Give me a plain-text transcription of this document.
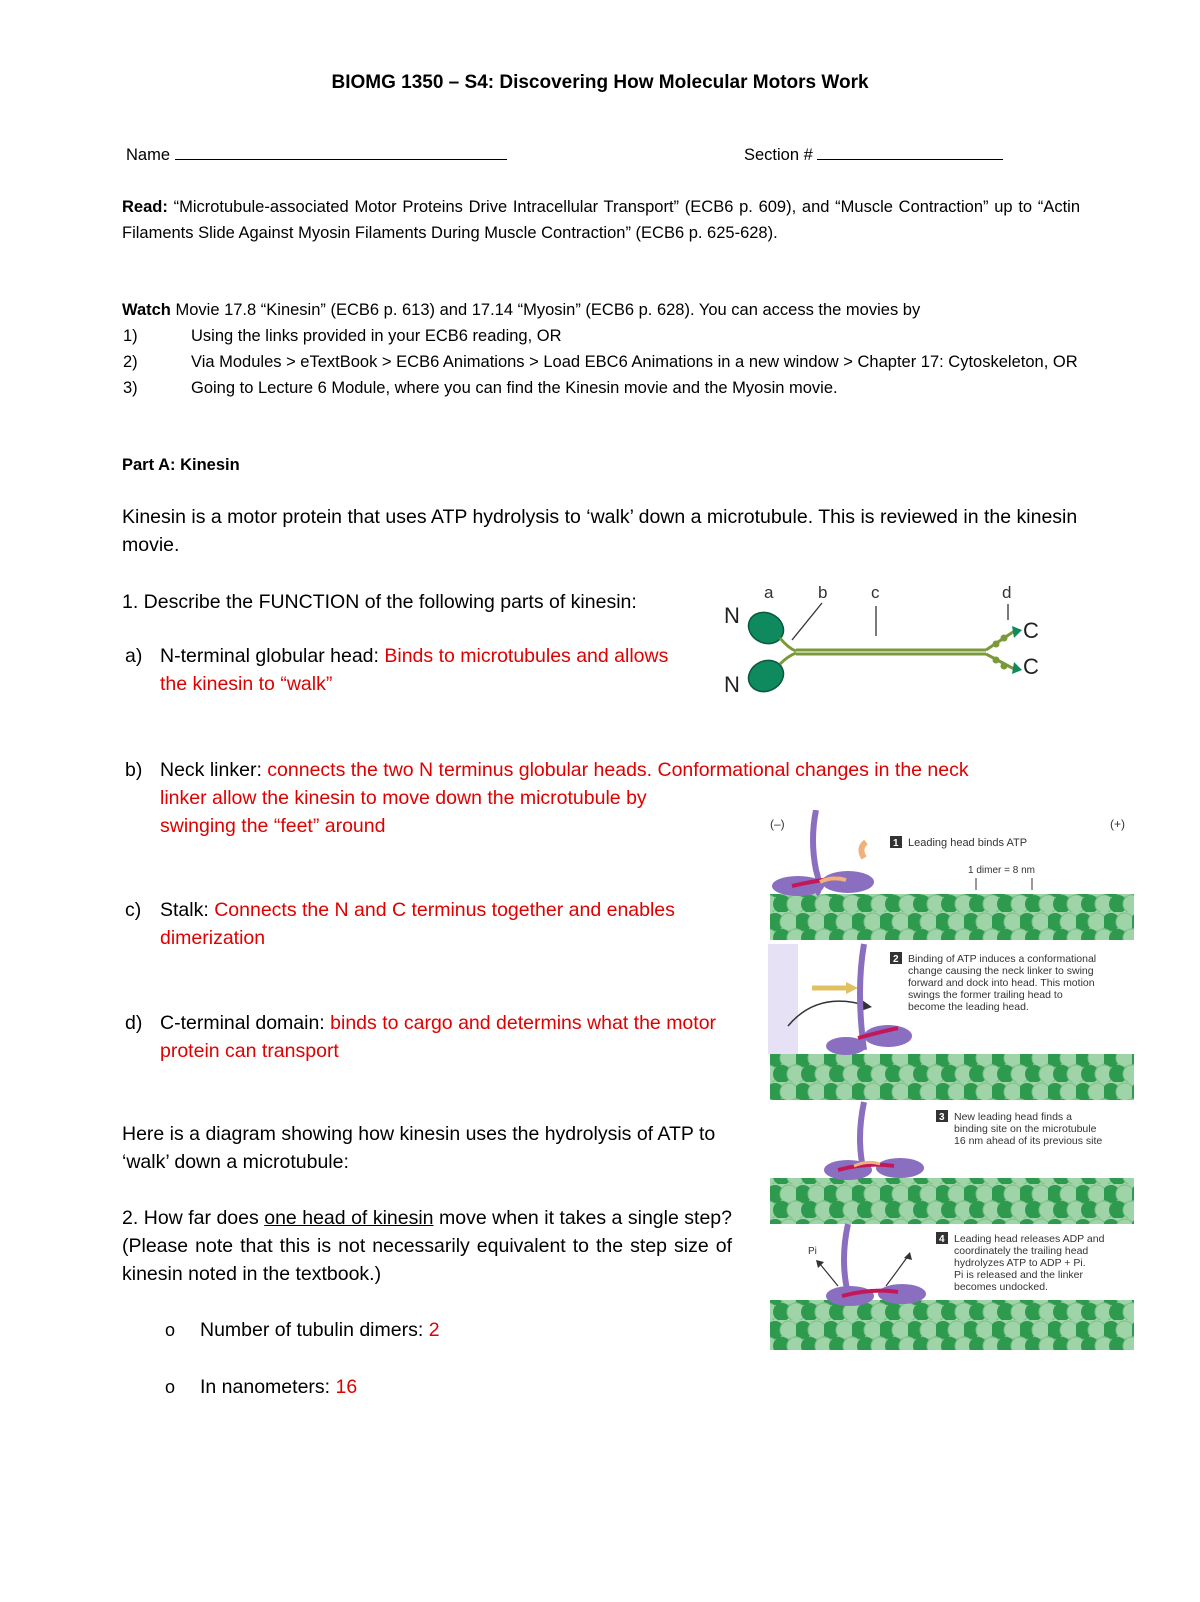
BIOMG 1350 – S4: Discovering How Molecular Motors Work
Name	Section #
Read: “Microtubule-associated Motor Proteins Drive Intracellular Transport” (ECB6 p. 609), and “Muscle Contraction” up to “Actin Filaments Slide Against Myosin Filaments During Muscle Contraction” (ECB6 p. 625-628).
Watch Movie 17.8 “Kinesin” (ECB6 p. 613) and 17.14 “Myosin” (ECB6 p. 628). You can access the movies by
1)	Using the links provided in your ECB6 reading, OR
2)	Via Modules > eTextBook > ECB6 Animations > Load EBC6 Animations in a new window > Chapter 17: Cytoskeleton, OR
3)	Going to Lecture 6 Module, where you can find the Kinesin movie and the Myosin movie.
Part A: Kinesin
Kinesin is a motor protein that uses ATP hydrolysis to ‘walk’ down a microtubule. This is reviewed in the kinesin movie.
1. Describe the FUNCTION of the following parts of kinesin:
a) N-terminal globular head: Binds to microtubules and allows the kinesin to “walk”
b) Neck linker: connects the two N terminus globular heads. Conformational changes in the neck
linker allow the kinesin to move down the microtubule by
swinging the “feet” around
c) Stalk: Connects the N and C terminus together and enables dimerization
d) C-terminal domain: binds to cargo and determins what the motor protein can transport
Here is a diagram showing how kinesin uses the hydrolysis of ATP to ‘walk’ down a microtubule:
2. How far does one head of kinesin move when it takes a single step? (Please note that this is not necessarily equivalent to the step size of kinesin noted in the textbook.)
o Number of tubulin dimers: 2
o In nanometers: 16
a	b	c	d
N
N
C
C
(–)	(+)
1 Leading head binds ATP
1 dimer = 8 nm
2 Binding of ATP induces a conformational
change causing the neck linker to swing
forward and dock into head. This motion
swings the former trailing head to
become the leading head.
3 New leading head finds a
binding site on the microtubule
16 nm ahead of its previous site
4 Leading head releases ADP and
coordinately the trailing head
hydrolyzes ATP to ADP + Pi.
Pi is released and the linker
becomes undocked.
Pi
